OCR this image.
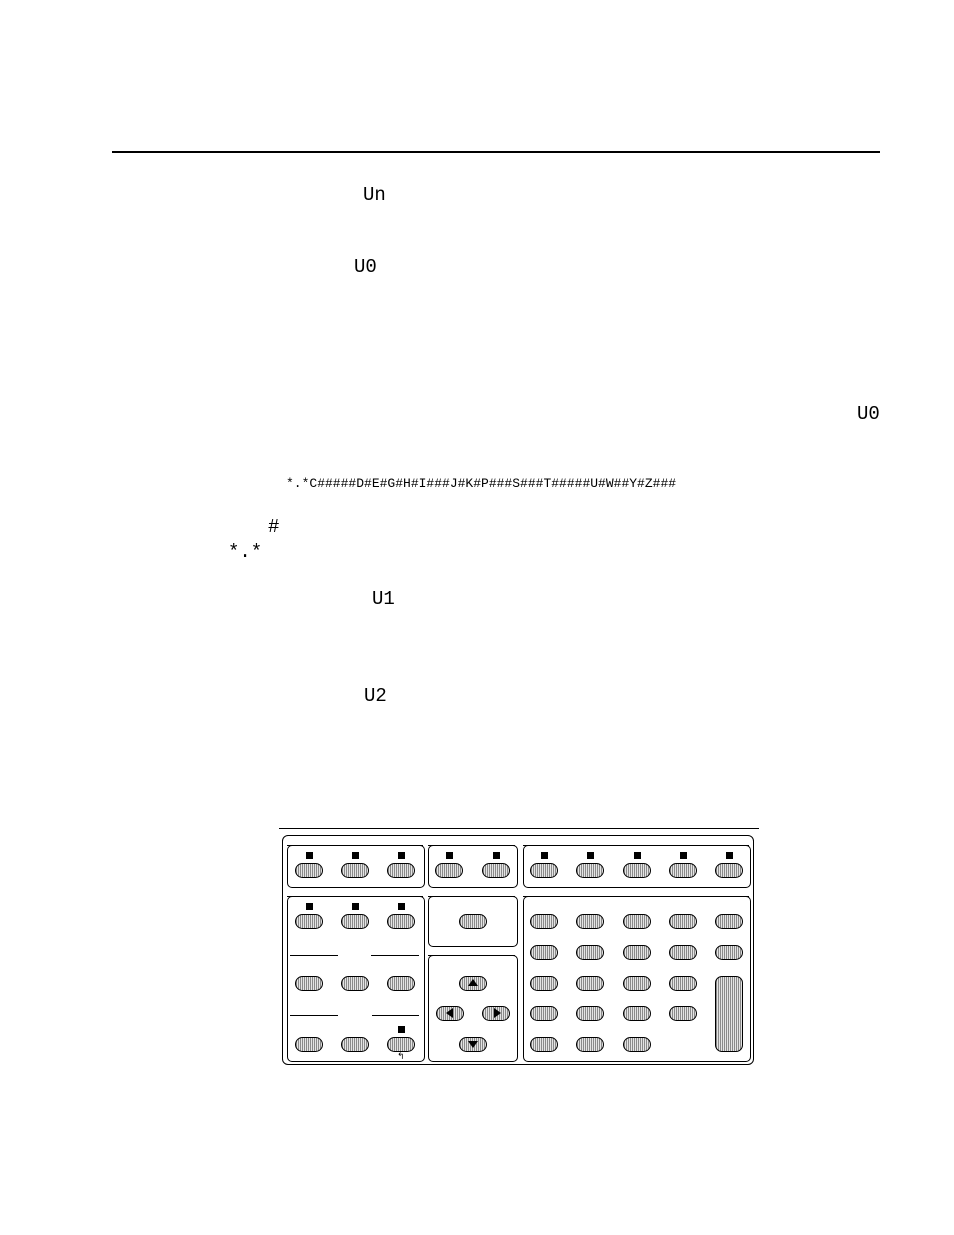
Un
U0
U0
*.*C#####D#E#G#H#I###J#K#P###S###T#####U#W##Y#Z###
#
*.*
U1
U2
↰
